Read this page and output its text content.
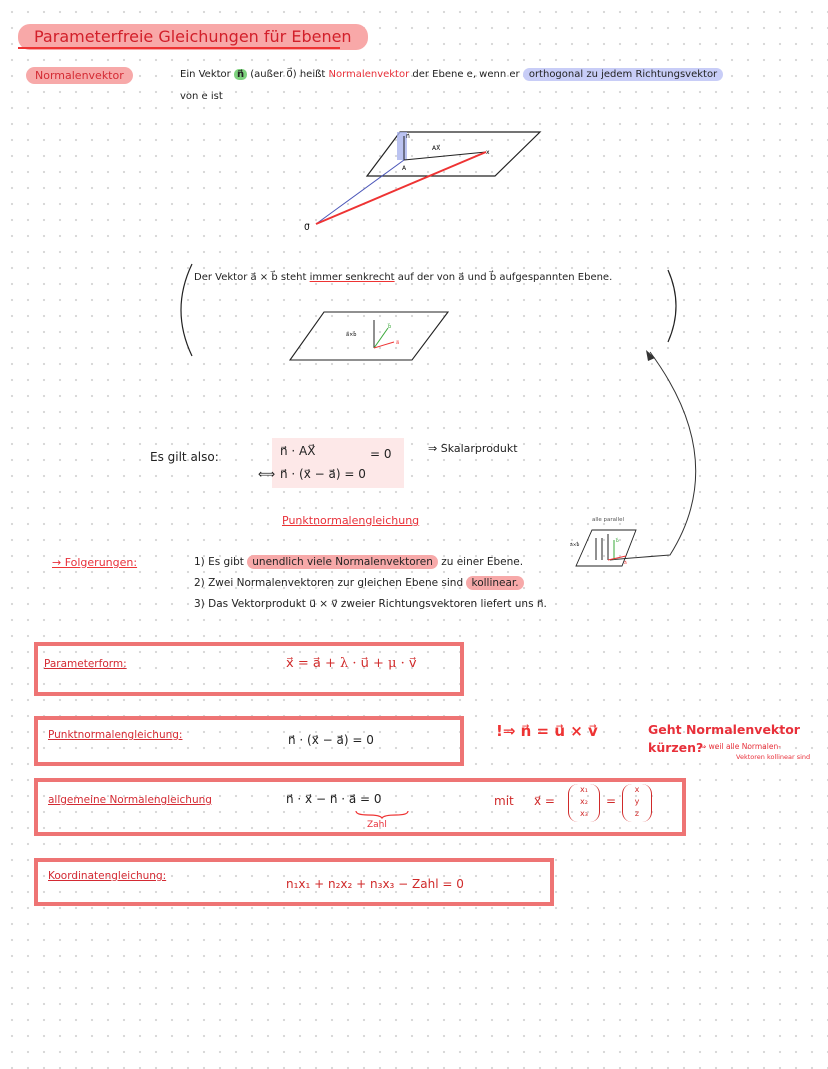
Parameterfreie Gleichungen für Ebenen
Normalenvektor	Ein Vektor n⃗ (außer 0⃗) heißt Normalenvektor der Ebene e, wenn er orthogonal zu jedem Richtungsvektor
von e ist
n⃗
AX⃗
A
x
0⃗
Der Vektor a⃗ × b⃗ steht immer senkrecht auf der von a⃗ und b⃗ aufgespannten Ebene.
a⃗×b⃗
b⃗
a⃗
Es gilt also:	n⃗ · AX⃗	= 0
⟺ n⃗ · (x⃗ − a⃗) = 0
⇒ Skalarprodukt
Punktnormalengleichung
→ Folgerungen:	1) Es gibt unendlich viele Normalenvektoren zu einer Ebene.
2) Zwei Normalenvektoren zur gleichen Ebene sind kollinear.
3) Das Vektorprodukt u⃗ × v⃗ zweier Richtungsvektoren liefert uns n⃗.
alle parallel
a⃗×b⃗
b⃗
a⃗
Parameterform:	x⃗ = a⃗ + λ · u⃗ + μ · v⃗
Punktnormalengleichung:	n⃗ · (x⃗ − a⃗) = 0	!⇒ n⃗ = u⃗ × v⃗	Geht Normalenvektor
kürzen?
⇒ weil alle Normalen-
Vektoren kollinear sind
allgemeine Normalengleichung	n⃗ · x⃗ − n⃗ · a⃗ = 0
Zahl
mit x⃗ =
x₁
x₂
x₃
=
x
y
z
Koordinatengleichung:
n₁x₁ + n₂x₂ + n₃x₃ − Zahl = 0
